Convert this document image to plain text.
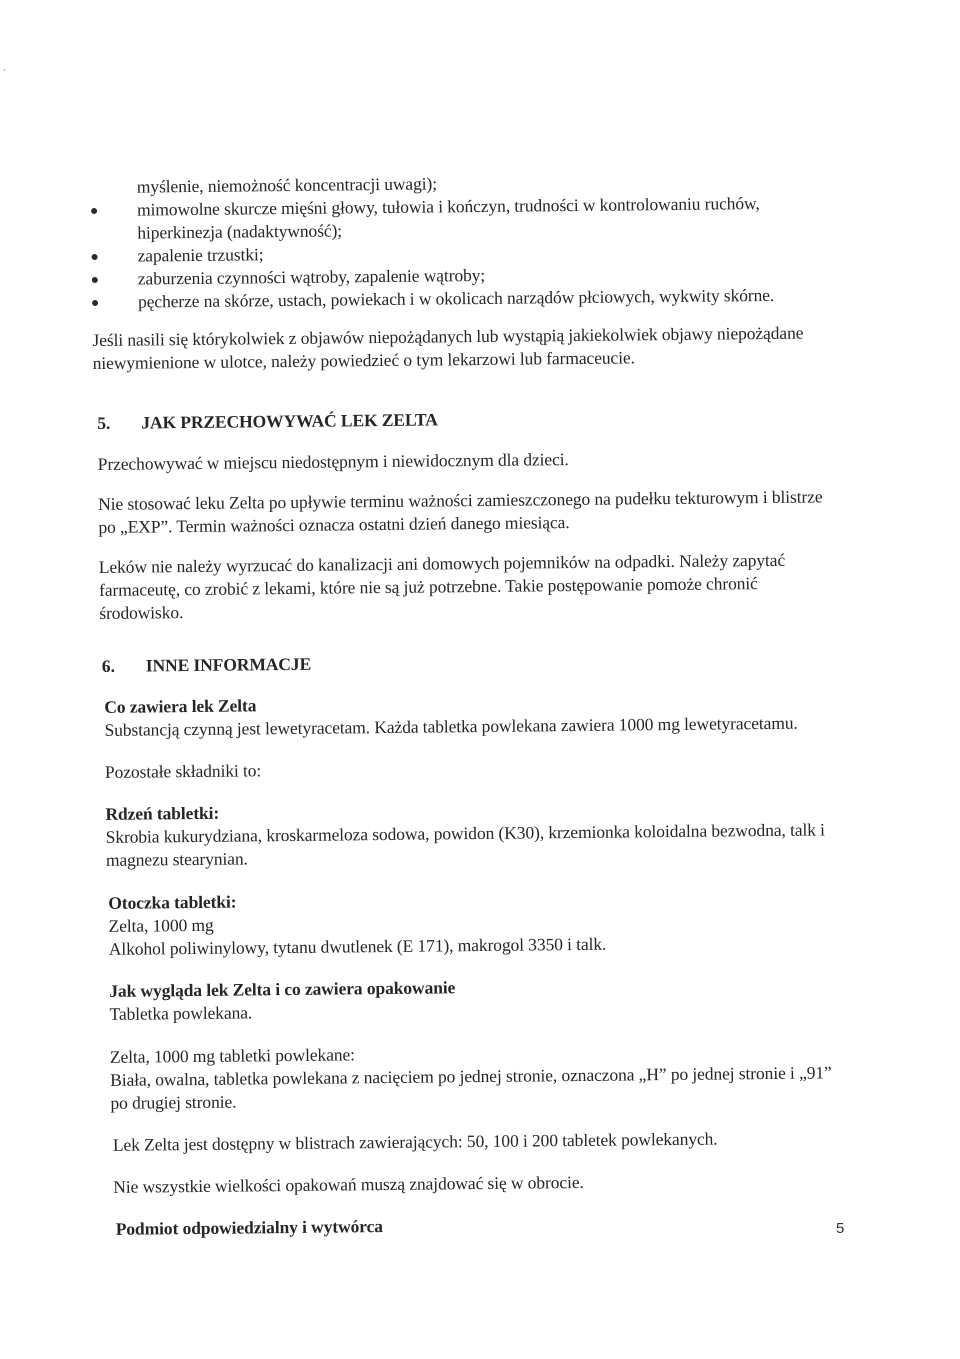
myślenie, niemożność koncentracji uwagi);
mimowolne skurcze mięśni głowy, tułowia i kończyn, trudności w kontrolowaniu ruchów,
hiperkinezja (nadaktywność);
zapalenie trzustki;
zaburzenia czynności wątroby, zapalenie wątroby;
pęcherze na skórze, ustach, powiekach i w okolicach narządów płciowych, wykwity skórne.
Jeśli nasili się którykolwiek z objawów niepożądanych lub wystąpią jakiekolwiek objawy niepożądane
niewymienione w ulotce, należy powiedzieć o tym lekarzowi lub farmaceucie.
5. JAK PRZECHOWYWAĆ LEK ZELTA
Przechowywać w miejscu niedostępnym i niewidocznym dla dzieci.
Nie stosować leku Zelta po upływie terminu ważności zamieszczonego na pudełku tekturowym i blistrze
po „EXP”. Termin ważności oznacza ostatni dzień danego miesiąca.
Leków nie należy wyrzucać do kanalizacji ani domowych pojemników na odpadki. Należy zapytać
farmaceutę, co zrobić z lekami, które nie są już potrzebne. Takie postępowanie pomoże chronić
środowisko.
6. INNE INFORMACJE
Co zawiera lek Zelta
Substancją czynną jest lewetyracetam. Każda tabletka powlekana zawiera 1000 mg lewetyracetamu.
Pozostałe składniki to:
Rdzeń tabletki:
Skrobia kukurydziana, kroskarmeloza sodowa, powidon (K30), krzemionka koloidalna bezwodna, talk i
magnezu stearynian.
Otoczka tabletki:
Zelta, 1000 mg
Alkohol poliwinylowy, tytanu dwutlenek (E 171), makrogol 3350 i talk.
Jak wygląda lek Zelta i co zawiera opakowanie
Tabletka powlekana.
Zelta, 1000 mg tabletki powlekane:
Biała, owalna, tabletka powlekana z nacięciem po jednej stronie, oznaczona „H” po jednej stronie i „91”
po drugiej stronie.
Lek Zelta jest dostępny w blistrach zawierających: 50, 100 i 200 tabletek powlekanych.
Nie wszystkie wielkości opakowań muszą znajdować się w obrocie.
Podmiot odpowiedzialny i wytwórca	5
